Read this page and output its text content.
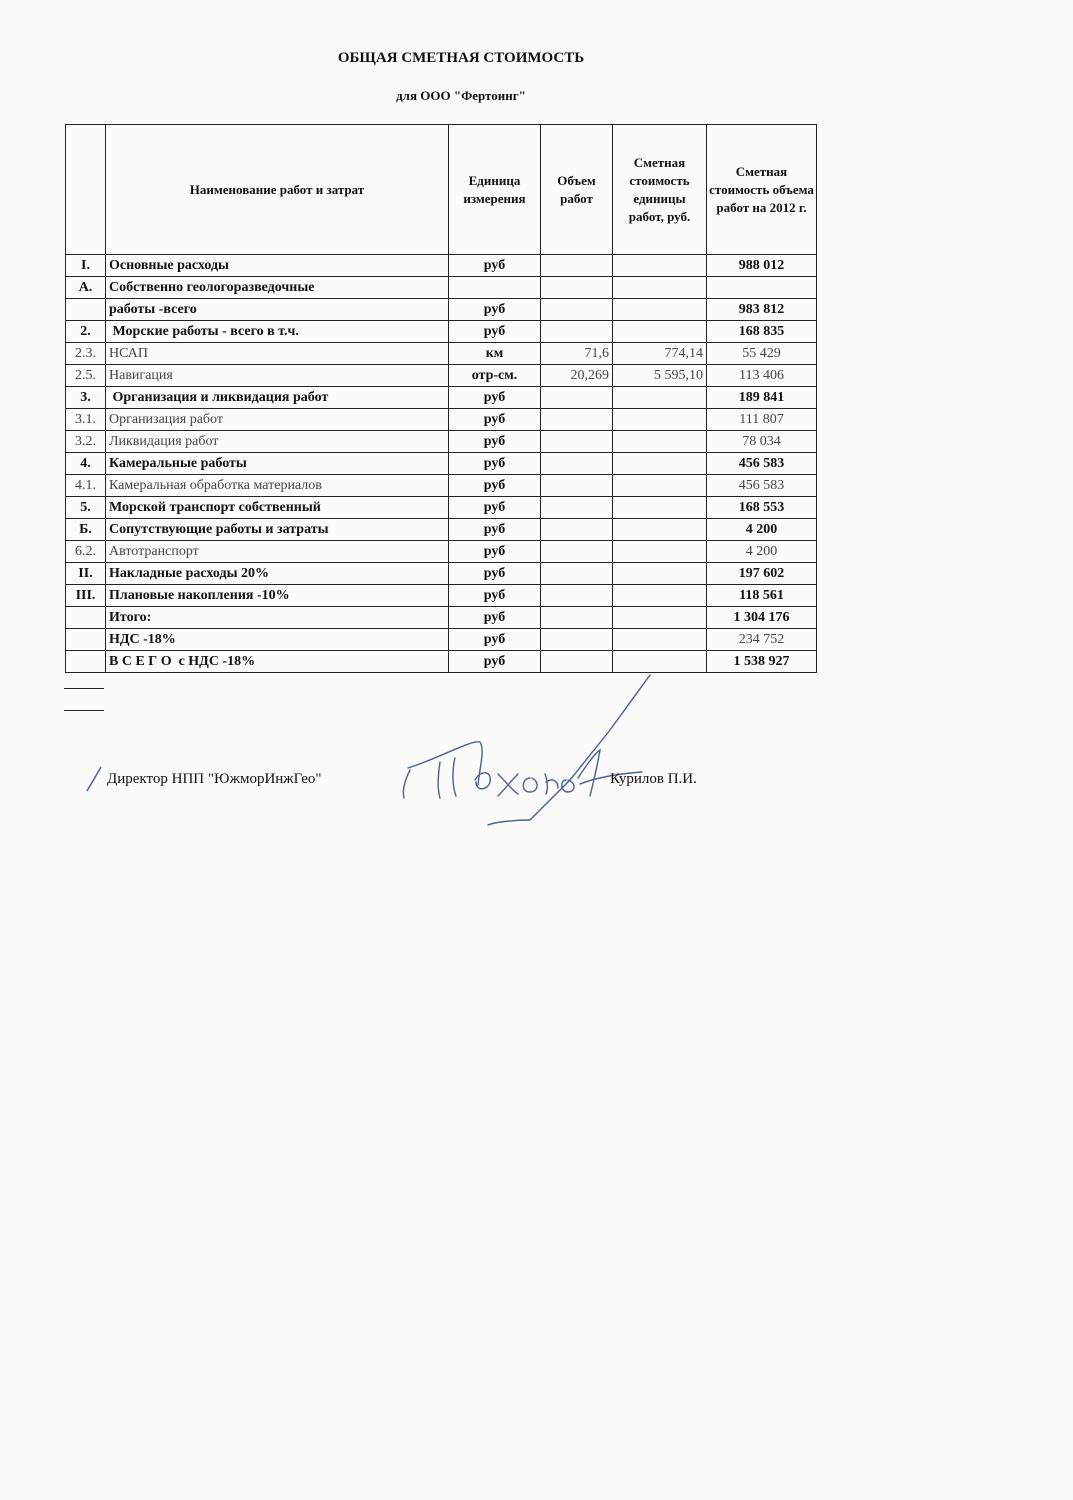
ОБЩАЯ СМЕТНАЯ СТОИМОСТЬ
для ООО "Фертоинг"
	Наименование работ и затрат	Единица измерения	Объем работ	Сметная стоимость единицы работ, руб.	Сметная стоимость объема работ на 2012 г.
I.	Основные расходы	руб			988 012
А.	Собственно геологоразведочные				
	работы -всего	руб			983 812
2.	Морские работы - всего в т.ч.	руб			168 835
2.3.	НСАП	км	71,6	774,14	55 429
2.5.	Навигация	отр-см.	20,269	5 595,10	113 406
3.	Организация и ликвидация работ	руб			189 841
3.1.	Организация работ	руб			111 807
3.2.	Ликвидация работ	руб			78 034
4.	Камеральные работы	руб			456 583
4.1.	Камеральная обработка материалов	руб			456 583
5.	Морской транспорт собственный	руб			168 553
Б.	Сопутствующие работы и затраты	руб			4 200
6.2.	Автотранспорт	руб			4 200
II.	Накладные расходы 20%	руб			197 602
III.	Плановые накопления -10%	руб			118 561
	Итого:	руб			1 304 176
	НДС -18%	руб			234 752
	В С Е Г О  с НДС -18%	руб			1 538 927
Директор НПП "ЮжморИнжГео"	Курилов П.И.
